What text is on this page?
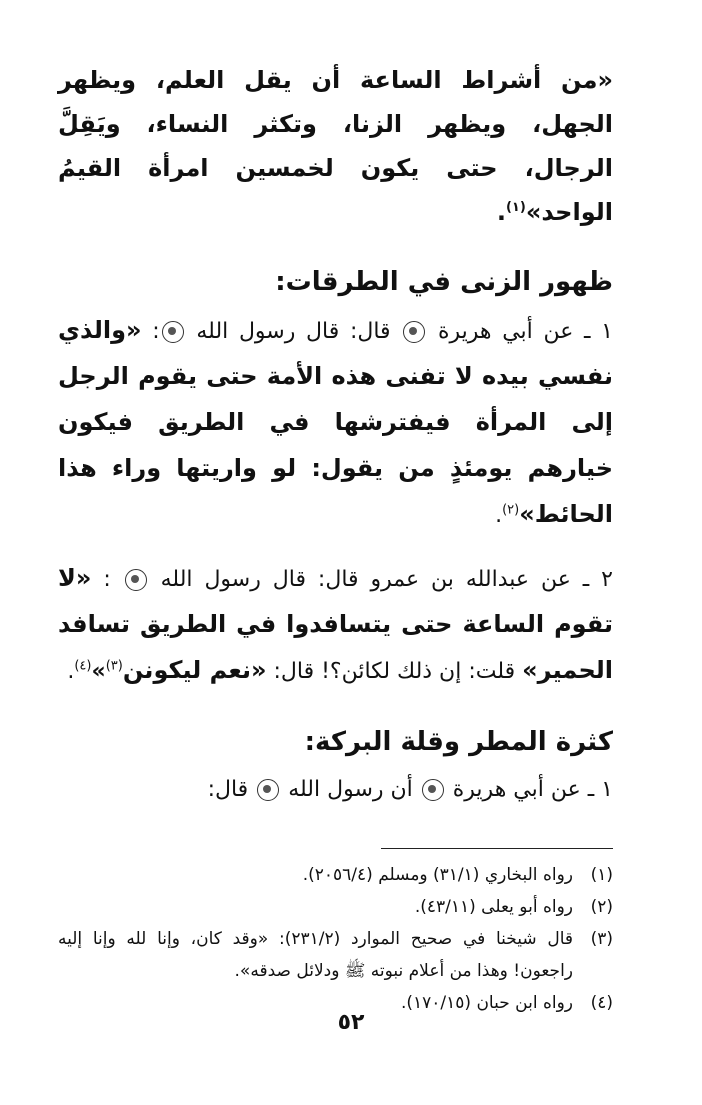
«من أشراط الساعة أن يقل العلم، ويظهر الجهل، ويظهر الزنا، وتكثر النساء، ويَقِلَّ الرجال، حتى يكون لخمسين امرأة القيمُ الواحد»$^{(١)}$.

ظهور الزنى في الطرقات:

١ ـ عن أبي هريرة  قال: قال رسول الله : «والذي نفسي بيده لا تفنى هذه الأمة حتى يقوم الرجل إلى المرأة فيفترشها في الطريق فيكون خيارهم يومئذٍ من يقول: لو واريتها وراء هذا الحائط»$^{(٢)}$.

٢ ـ عن عبدالله بن عمرو قال: قال رسول الله  : «لا تقوم الساعة حتى يتسافدوا في الطريق تسافد الحمير» قلت: إن ذلك لكائن؟! قال: «نعم ليكونن$^{(٣)}$»$^{(٤)}$.

كثرة المطر وقلة البركة:

١ ـ عن أبي هريرة  أن رسول الله  قال:

(١)
رواه البخاري (٣١/١) ومسلم (٢٠٥٦/٤).
(٢)
رواه أبو يعلى (٤٣/١١).
(٣)
قال شيخنا في صحيح الموارد (٢٣١/٢): «وقد كان، وإنا لله وإنا إليه راجعون! وهذا من أعلام نبوته ﷺ ودلائل صدقه».
(٤)
رواه ابن حبان (١٧٠/١٥).
٥٢
